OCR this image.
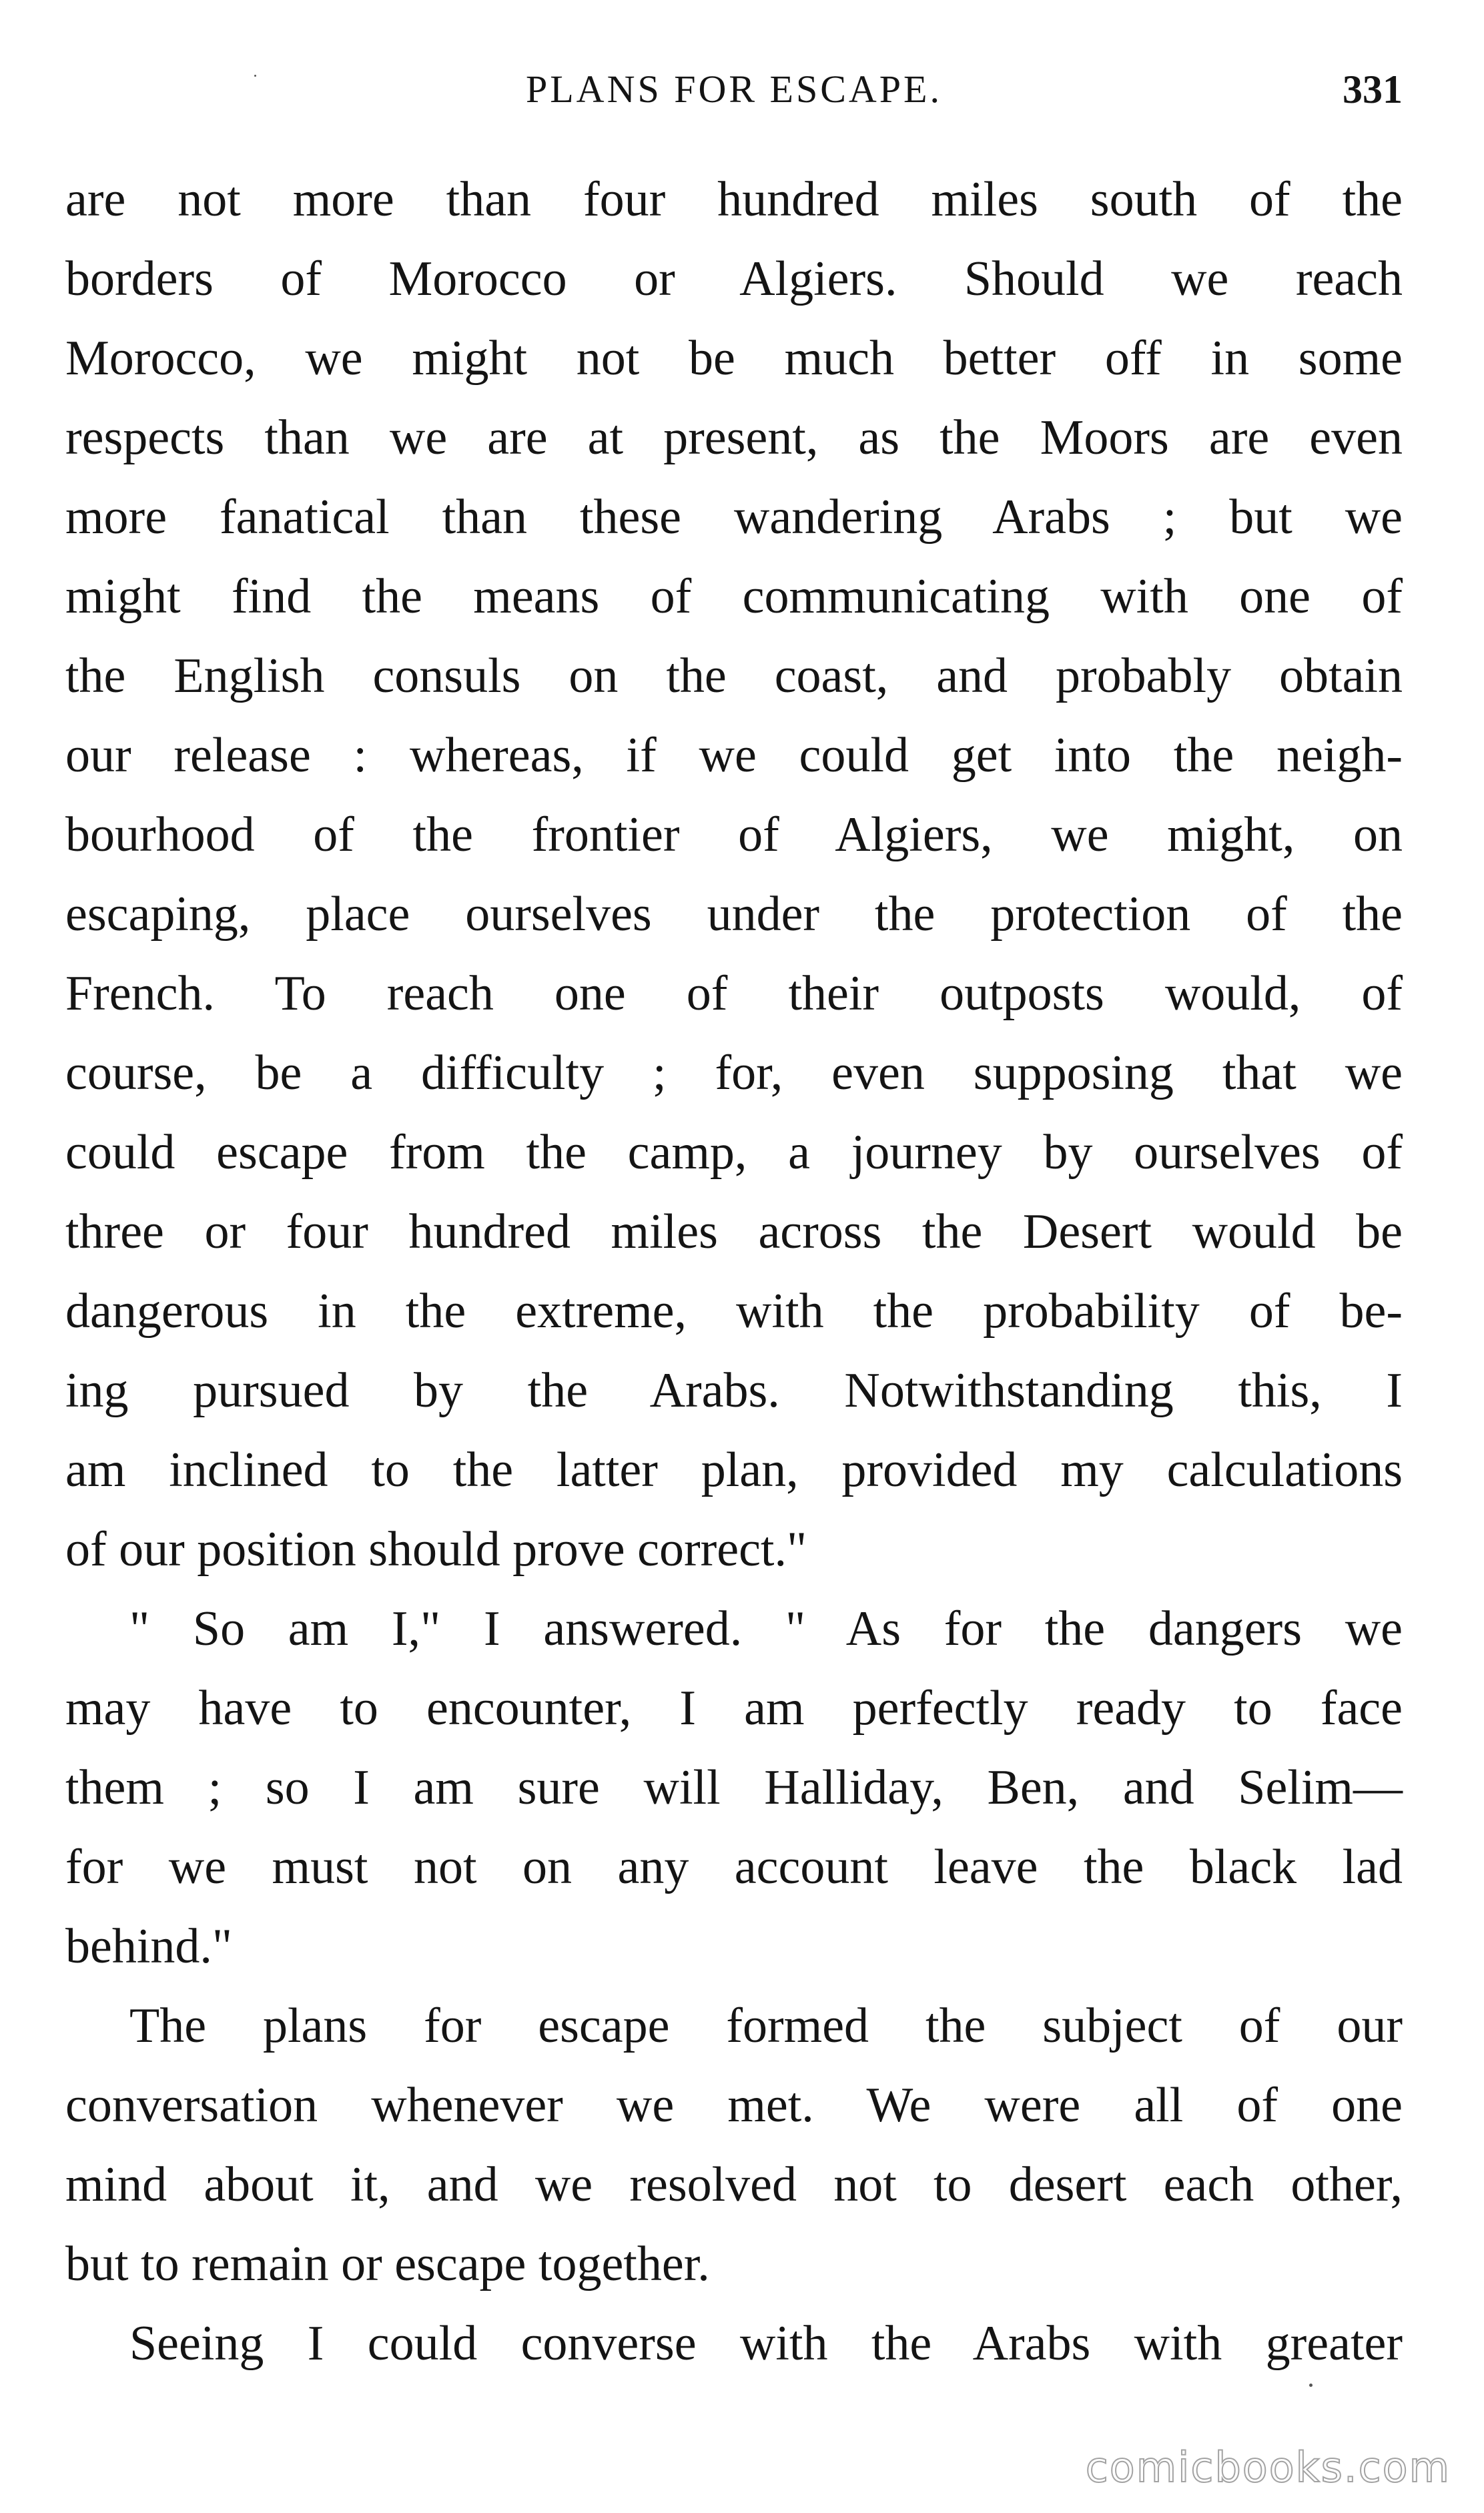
PLANS FOR ESCAPE.	331
are not more than four hundred miles south of the
borders of Morocco or Algiers. Should we reach
Morocco, we might not be much better off in some
respects than we are at present, as the Moors are even
more fanatical than these wandering Arabs ; but we
might find the means of communicating with one of
the English consuls on the coast, and probably obtain
our release : whereas, if we could get into the neigh-
bourhood of the frontier of Algiers, we might, on
escaping, place ourselves under the protection of the
French. To reach one of their outposts would, of
course, be a difficulty ; for, even supposing that we
could escape from the camp, a journey by ourselves of
three or four hundred miles across the Desert would be
dangerous in the extreme, with the probability of be-
ing pursued by the Arabs. Notwithstanding this, I
am inclined to the latter plan, provided my calculations
of our position should prove correct."
" So am I," I answered. " As for the dangers we
may have to encounter, I am perfectly ready to face
them ; so I am sure will Halliday, Ben, and Selim—
for we must not on any account leave the black lad
behind."
The plans for escape formed the subject of our
conversation whenever we met. We were all of one
mind about it, and we resolved not to desert each other,
but to remain or escape together.
Seeing I could converse with the Arabs with greater
comicbooks.com
